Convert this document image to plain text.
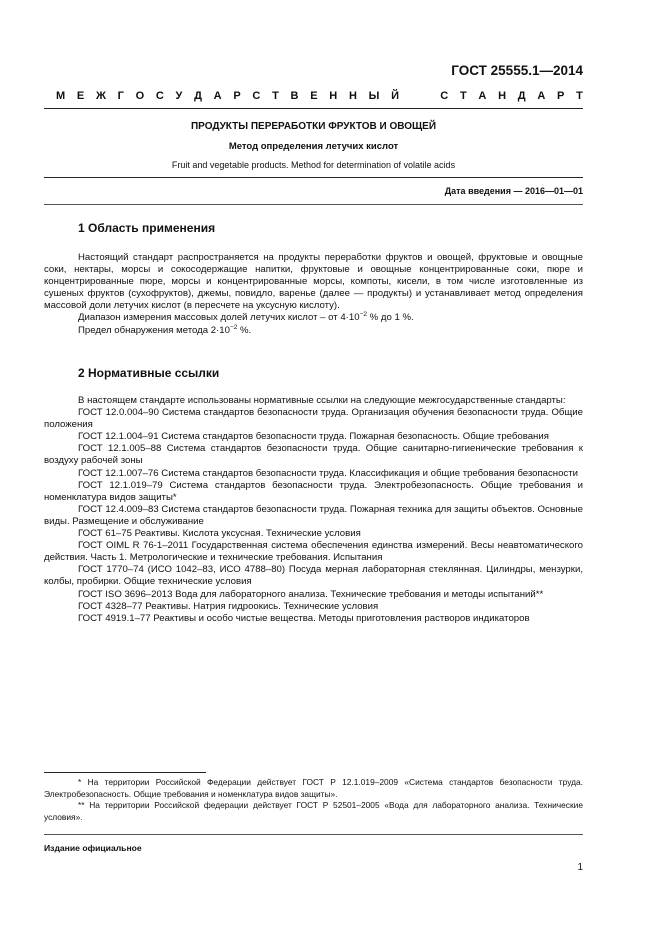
ГОСТ 25555.1—2014
М Е Ж Г О С У Д А Р С Т В Е Н Н Ы Й

	С Т А Н Д А Р Т
ПРОДУКТЫ ПЕРЕРАБОТКИ ФРУКТОВ И ОВОЩЕЙ
Метод определения летучих кислот
Fruit and vegetable products. Method for determination of volatile acids
Дата введения — 2016—01—01
1 Область применения

Настоящий стандарт распространяется на продукты переработки фруктов и овощей, фруктовые и овощные соки, нектары, морсы и сокосодержащие напитки, фруктовые и овощные концентрированные соки, пюре и концентрированные пюре, морсы и концентрированные морсы, компоты, кисели, в том числе изготовленные из сушеных фруктов (сухофруктов), джемы, повидло, варенье (далее — продукты) и устанавливает метод определения массовой доли летучих кислот (в пересчете на уксусную кислоту).

Диапазон измерения массовых долей летучих кислот – от $4\cdot 10^{-2}$ % до 1 %.

Предел обнаружения метода $2\cdot 10^{-2}$ %.

2 Нормативные ссылки

В настоящем стандарте использованы нормативные ссылки на следующие межгосударственные стандарты:

ГОСТ 12.0.004–90 Система стандартов безопасности труда. Организация обучения безопасности труда. Общие положения

ГОСТ 12.1.004–91 Система стандартов безопасности труда. Пожарная безопасность. Общие требования

ГОСТ 12.1.005–88 Система стандартов безопасности труда. Общие санитарно-гигиенические требования к воздуху рабочей зоны

ГОСТ 12.1.007–76 Система стандартов безопасности труда. Классификация и общие требования безопасности

ГОСТ 12.1.019–79 Система стандартов безопасности труда. Электробезопасность. Общие требования и номенклатура видов защиты*

ГОСТ 12.4.009–83 Система стандартов безопасности труда. Пожарная техника для защиты объектов. Основные виды. Размещение и обслуживание

ГОСТ 61–75 Реактивы. Кислота уксусная. Технические условия

ГОСТ OIML R 76-1–2011 Государственная система обеспечения единства измерений. Весы неавтоматического действия. Часть 1. Метрологические и технические требования. Испытания

ГОСТ 1770–74 (ИСО 1042–83, ИСО 4788–80) Посуда мерная лабораторная стеклянная. Цилиндры, мензурки, колбы, пробирки. Общие технические условия

ГОСТ ISO 3696–2013 Вода для лабораторного анализа. Технические требования и методы испытаний**

ГОСТ 4328–77 Реактивы. Натрия гидроокись. Технические условия

ГОСТ 4919.1–77 Реактивы и особо чистые вещества. Методы приготовления растворов индикаторов

* На территории Российской Федерации действует ГОСТ Р 12.1.019–2009 «Система стандартов безопасности труда. Электробезопасность. Общие требования и номенклатура видов защиты».

** На территории Российской федерации действует ГОСТ Р 52501–2005 «Вода для лабораторного анализа. Технические условия».

Издание официальное
1
